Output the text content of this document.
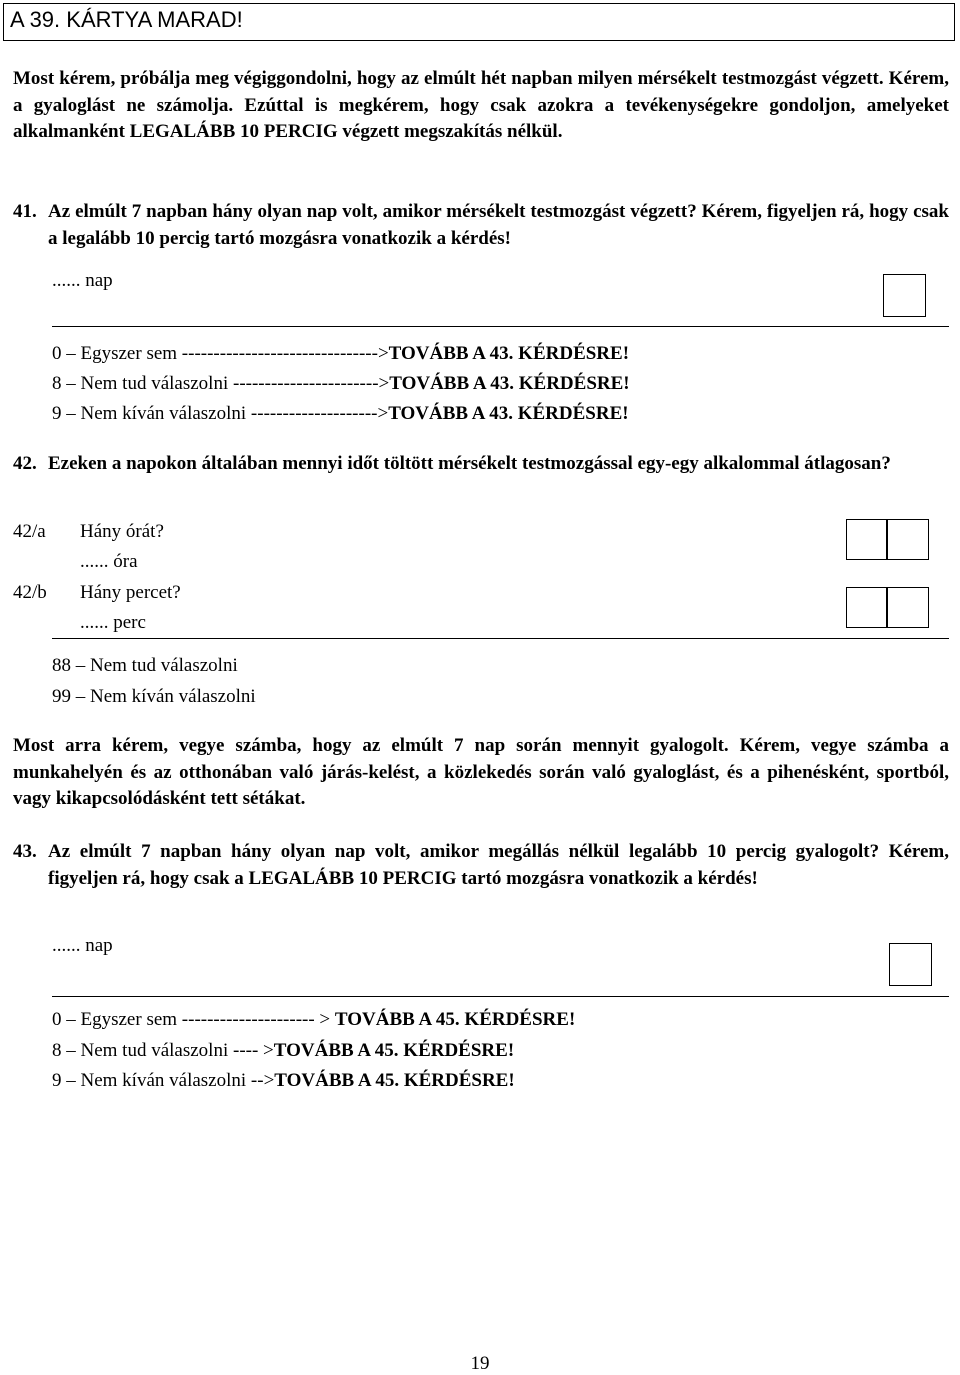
A 39. KÁRTYA MARAD!
Most kérem, próbálja meg végiggondolni, hogy az elmúlt hét napban milyen mérsékelt testmozgást végzett. Kérem, a gyaloglást ne számolja. Ezúttal is megkérem, hogy csak azokra a tevékenységekre gondoljon, amelyeket alkalmanként LEGALÁBB 10 PERCIG végzett megszakítás nélkül.
41. Az elmúlt 7 napban hány olyan nap volt, amikor mérsékelt testmozgást végzett? Kérem, figyeljen rá, hogy csak a legalább 10 percig tartó mozgásra vonatkozik a kérdés!
...... nap
0 – Egyszer sem ------------------------------->TOVÁBB A 43. KÉRDÉSRE!
8 – Nem tud válaszolni ----------------------->TOVÁBB A 43. KÉRDÉSRE!
9 – Nem kíván válaszolni -------------------->TOVÁBB A 43. KÉRDÉSRE!
42. Ezeken a napokon általában mennyi időt töltött mérsékelt testmozgással egy-egy alkalommal átlagosan?
42/a Hány órát?
...... óra
42/b Hány percet?
...... perc
88 – Nem tud válaszolni
99 – Nem kíván válaszolni
Most arra kérem, vegye számba, hogy az elmúlt 7 nap során mennyit gyalogolt. Kérem, vegye számba a munkahelyén és az otthonában való járás-kelést, a közlekedés során való gyaloglást, és a pihenésként, sportból, vagy kikapcsolódásként tett sétákat.
43. Az elmúlt 7 napban hány olyan nap volt, amikor megállás nélkül legalább 10 percig gyalogolt? Kérem, figyeljen rá, hogy csak a LEGALÁBB 10 PERCIG tartó mozgásra vonatkozik a kérdés!
...... nap
0 – Egyszer sem --------------------- > TOVÁBB A 45. KÉRDÉSRE!
8 – Nem tud válaszolni ---- >TOVÁBB A 45. KÉRDÉSRE!
9 – Nem kíván válaszolni -->TOVÁBB A 45. KÉRDÉSRE!
19
